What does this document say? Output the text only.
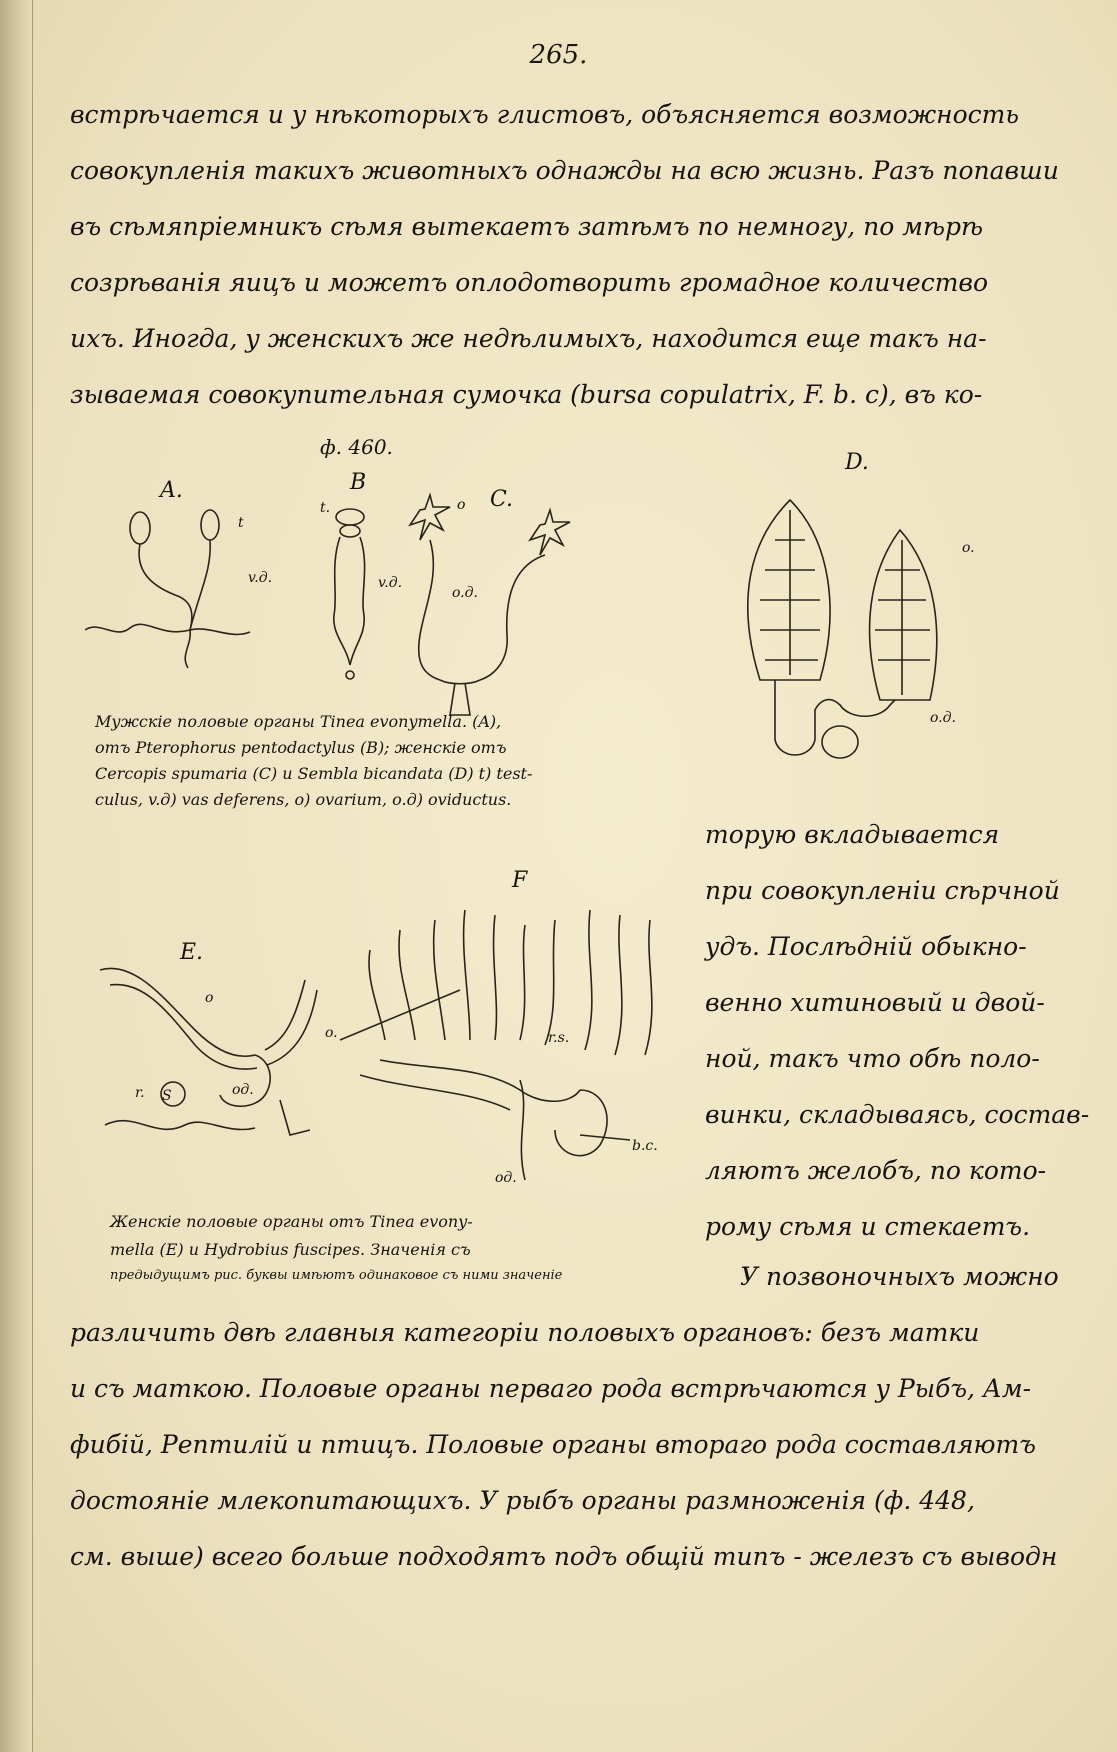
265.
встрѣчается и у нѣкоторыхъ глистовъ, объясняется возможность
совокупленія такихъ животныхъ однажды на всю жизнь. Разъ попавши
въ сѣмяпріемникъ сѣмя вытекаетъ затѣмъ по немногу, по мѣрѣ
созрѣванія яицъ и можетъ оплодотворить громадное количество
ихъ. Иногда, у женскихъ же недѣлимыхъ, находится еще такъ на-
зываемая совокупительная сумочка (bursa copulatrix, F. b. c), въ ко-
ф. 460.
A.
t
v.д.
B
t.
v.д.
C.
o
o.д.
D.
o.
o.д.
Мужскіе половые органы Tinea evonymella. (A),
отъ Pterophorus pentodactylus (B); женскіе отъ
Cercopis spumaria (C) и Sembla bicandata (D) t) test-
culus, v.д) vas deferens, o) ovarium, o.д) oviductus.
торую вкладывается
при совокупленіи сѣрчной
удъ. Послѣдній обыкно-
венно хитиновый и двой-
ной, такъ что обѣ поло-
винки, складываясь, состав-
ляютъ желобъ, по кото-
рому сѣмя и стекаетъ.
E.
o
r. S	oд.
F
o.	r.s.
b.c.
oд.
Женскіе половые органы отъ Tinea evony-
mella (E) и Hydrobius fuscipes. Значенія съ
предыдущимъ рис. буквы имѣютъ одинаковое съ ними значеніе	У позвоночныхъ можно
различить двѣ главныя категоріи половыхъ органовъ: безъ матки
и съ маткою. Половые органы перваго рода встрѣчаются у Рыбъ, Ам-
фибій, Рептилій и птицъ. Половые органы втораго рода составляютъ
достояніе млекопитающихъ. У рыбъ органы размноженія (ф. 448,
см. выше) всего больше подходятъ подъ общій типъ - железъ съ выводн
